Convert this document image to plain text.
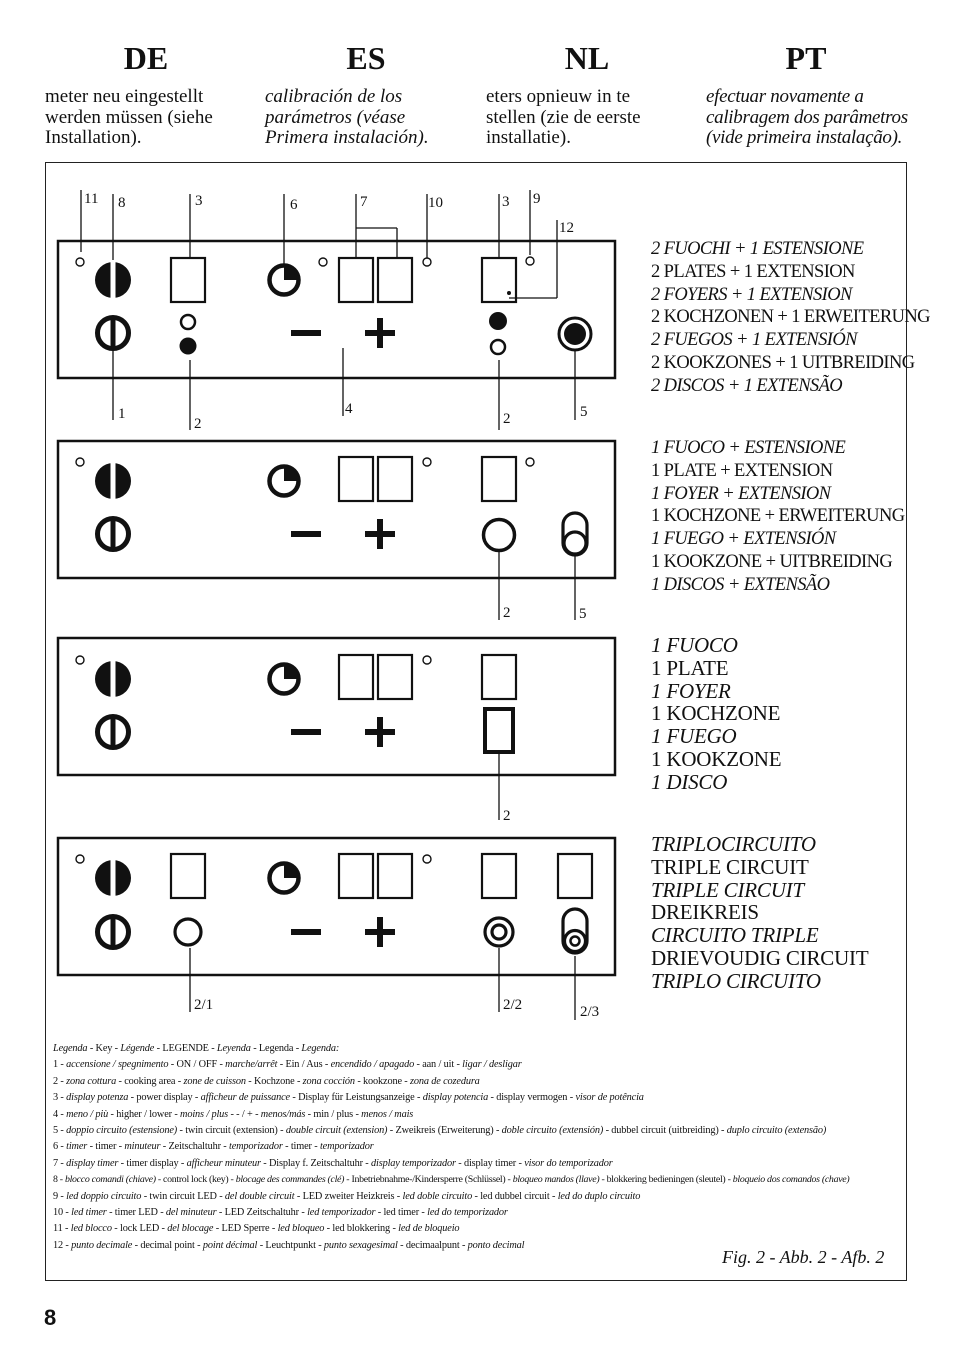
DE	ES	NL	PT
meter neu eingestellt
werden müssen (siehe
Installation).
calibración de los
parámetros (véase
Primera instalación).
eters opnieuw in te
stellen (zie de eerste
installatie).
efectuar novamente a
calibragem dos parâmetros
(vide primeira instalação).
11 8	3	6	7	10	3 9
12
1
2
4
2	5
2	5
2
2/1	2/2	2/3
2 FUOCHI + 1 ESTENSIONE
2 PLATES + 1 EXTENSION
2 FOYERS + 1 EXTENSION
2 KOCHZONEN + 1 ERWEITERUNG
2 FUEGOS + 1 EXTENSIÓN
2 KOOKZONES + 1 UITBREIDING
2 DISCOS + 1 EXTENSÃO
1 FUOCO + ESTENSIONE
1 PLATE + EXTENSION
1 FOYER + EXTENSION
1 KOCHZONE + ERWEITERUNG
1 FUEGO + EXTENSIÓN
1 KOOKZONE + UITBREIDING
1 DISCOS + EXTENSÃO
1 FUOCO
1 PLATE
1 FOYER
1 KOCHZONE
1 FUEGO
1 KOOKZONE
1 DISCO
TRIPLOCIRCUITO
TRIPLE CIRCUIT
TRIPLE CIRCUIT
DREIKREIS
CIRCUITO TRIPLE
DRIEVOUDIG CIRCUIT
TRIPLO CIRCUITO
Legenda - Key - Légende - LEGENDE - Leyenda - Legenda - Legenda:
1 - accensione / spegnimento - ON / OFF - marche/arrêt - Ein / Aus - encendido / apagado - aan / uit - ligar / desligar
2 - zona cottura - cooking area - zone de cuisson - Kochzone - zona cocción - kookzone - zona de cozedura
3 - display potenza - power display - afficheur de puissance - Display für Leistungsanzeige - display potencia - display vermogen - visor de potência
4 - meno / più - higher / lower - moins / plus - - / + - menos/más - min / plus - menos / mais
5 - doppio circuito (estensione) - twin circuit (extension) - double circuit (extension) - Zweikreis (Erweiterung) - doble circuito (extensión) - dubbel circuit (uitbreiding) - duplo circuito (extensão)
6 - timer - timer - minuteur - Zeitschaltuhr - temporizador - timer - temporizador
7 - display timer - timer display - afficheur minuteur - Display f. Zeitschaltuhr - display temporizador - display timer - visor do temporizador
8 - blocco comandi (chiave) - control lock (key) - blocage des commandes (clé) - Inbetriebnahme-/Kindersperre (Schlüssel) - bloqueo mandos (llave) - blokkering bedieningen (sleutel) - bloqueio dos comandos (chave)
9 - led doppio circuito - twin circuit LED - del double circuit - LED zweiter Heizkreis - led doble circuito - led dubbel circuit - led do duplo circuito
10 - led timer - timer LED - del minuteur - LED Zeitschaltuhr - led temporizador - led timer - led do temporizador
11 - led blocco - lock LED - del blocage - LED Sperre - led bloqueo - led blokkering - led de bloqueio
12 - punto decimale - decimal point - point décimal - Leuchtpunkt - punto sexagesimal - decimaalpunt - ponto decimal
Fig. 2 - Abb. 2 - Afb. 2
8
